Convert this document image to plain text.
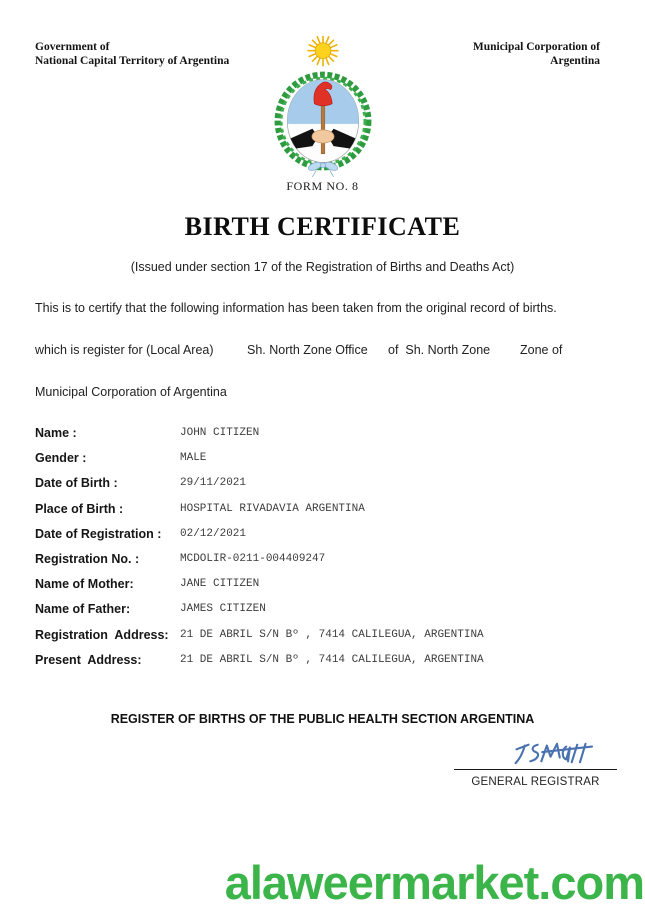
Government of
National Capital Territory of Argentina
Municipal Corporation of
Argentina
FORM NO. 8
BIRTH CERTIFICATE
(Issued under section 17 of the Registration of Births and Deaths Act)
This is to certify that the following information has been taken from the original record of births.
which is register for (Local Area)	Sh. North Zone Office of  Sh. North Zone Zone of
Municipal Corporation of Argentina
Name :	JOHN CITIZEN
Gender :	MALE
Date of Birth :	29/11/2021
Place of Birth :	HOSPITAL RIVADAVIA ARGENTINA
Date of Registration :	02/12/2021
Registration No. :	MCDOLIR-0211-004409247
Name of Mother:	JANE CITIZEN
Name of Father:	JAMES CITIZEN
Registration  Address:	21 DE ABRIL S/N Bº , 7414 CALILEGUA, ARGENTINA
Present  Address:	21 DE ABRIL S/N Bº , 7414 CALILEGUA, ARGENTINA
REGISTER OF BIRTHS OF THE PUBLIC HEALTH SECTION ARGENTINA
GENERAL REGISTRAR
alaweermarket.com
